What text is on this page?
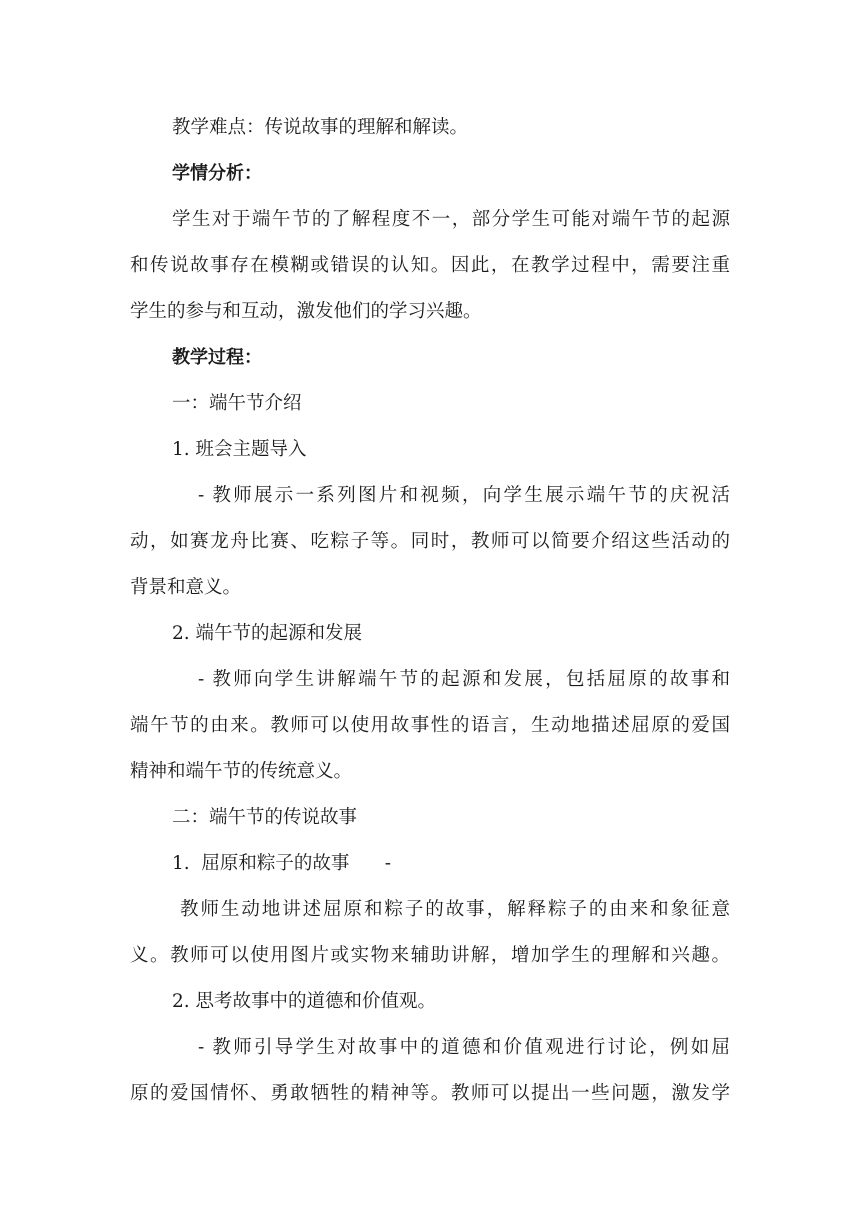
教学难点：传说故事的理解和解读。
学情分析：
学生对于端午节的了解程度不一，部分学生可能对端午节的起源
和传说故事存在模糊或错误的认知。因此，在教学过程中，需要注重
学生的参与和互动，激发他们的学习兴趣。
教学过程：
一：端午节介绍
1. 班会主题导入
- 教师展示一系列图片和视频，向学生展示端午节的庆祝活
动，如赛龙舟比赛、吃粽子等。同时，教师可以简要介绍这些活动的
背景和意义。
2. 端午节的起源和发展
- 教师向学生讲解端午节的起源和发展，包括屈原的故事和
端午节的由来。教师可以使用故事性的语言，生动地描述屈原的爱国
精神和端午节的传统意义。
二：端午节的传说故事
1.  屈原和粽子的故事      -
教师生动地讲述屈原和粽子的故事，解释粽子的由来和象征意
义。教师可以使用图片或实物来辅助讲解，增加学生的理解和兴趣。
2. 思考故事中的道德和价值观。
- 教师引导学生对故事中的道德和价值观进行讨论，例如屈
原的爱国情怀、勇敢牺牲的精神等。教师可以提出一些问题，激发学
